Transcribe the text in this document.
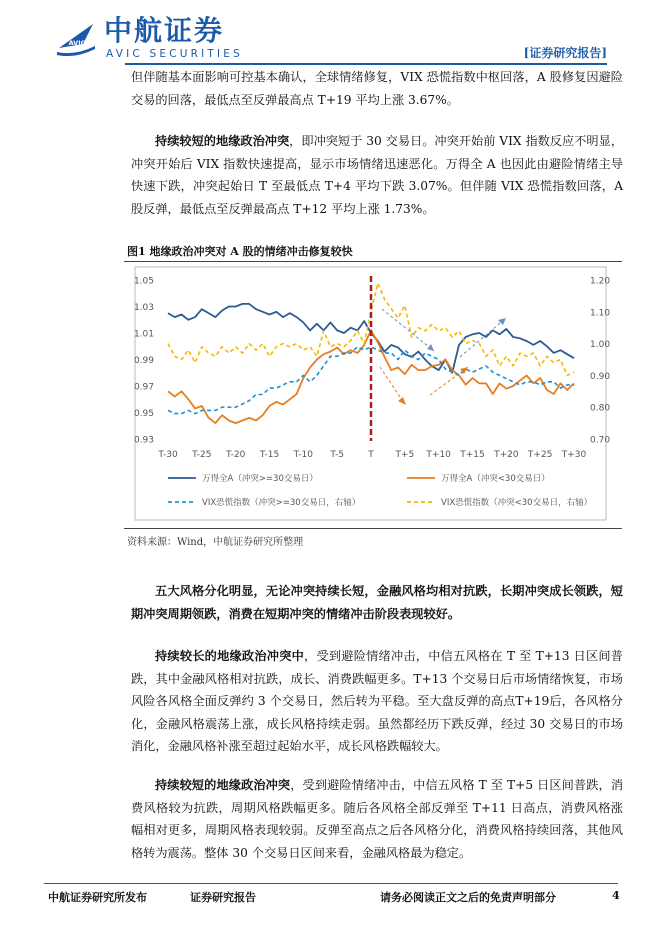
AVIC 中航证券
AVIC SECURITIES	[证券研究报告]
但伴随基本面影响可控基本确认，全球情绪修复，VIX 恐慌指数中枢回落，A 股修复因避险交易的回落，最低点至反弹最高点 T+19 平均上涨 3.67%。
持续较短的地缘政治冲突，即冲突短于 30 交易日。冲突开始前 VIX 指数反应不明显，冲突开始后 VIX 指数快速提高，显示市场情绪迅速恶化。万得全 A 也因此由避险情绪主导快速下跌，冲突起始日 T 至最低点 T+4 平均下跌 3.07%。但伴随 VIX 恐慌指数回落，A 股反弹，最低点至反弹最高点 T+12 平均上涨 1.73%。
图1 地缘政治冲突对 A 股的情绪冲击修复较快
0.93
0.95
0.97
0.99
1.01
1.03
1.05
0.70
0.80
0.90
1.00
1.10
1.20
T-30 T-25 T-20 T-15 T-10 T-5	T T+5 T+10 T+15 T+20 T+25 T+30
万得全A（冲突>=30交易日）	万得全A（冲突<30交易日）
VIX恐慌指数（冲突>=30交易日，右轴）	VIX恐慌指数（冲突<30交易日，右轴）
资料来源：Wind，中航证券研究所整理
五大风格分化明显，无论冲突持续长短，金融风格均相对抗跌，长期冲突成长领跌，短期冲突周期领跌，消费在短期冲突的情绪冲击阶段表现较好。
持续较长的地缘政治冲突中，受到避险情绪冲击，中信五风格在 T 至 T+13 日区间普跌，其中金融风格相对抗跌，成长、消费跌幅更多。T+13 个交易日后市场情绪恢复，市场风险各风格全面反弹约 3 个交易日，然后转为平稳。至大盘反弹的高点T+19后，各风格分化，金融风格震荡上涨，成长风格持续走弱。虽然都经历下跌反弹，经过 30 交易日的市场消化，金融风格补涨至超过起始水平，成长风格跌幅较大。
持续较短的地缘政治冲突，受到避险情绪冲击，中信五风格 T 至 T+5 日区间普跌，消费风格较为抗跌，周期风格跌幅更多。随后各风格全部反弹至 T+11 日高点，消费风格涨幅相对更多，周期风格表现较弱。反弹至高点之后各风格分化，消费风格持续回落，其他风格转为震荡。整体 30 个交易日区间来看，金融风格最为稳定。
中航证券研究所发布	证券研究报告	请务必阅读正文之后的免责声明部分	4
